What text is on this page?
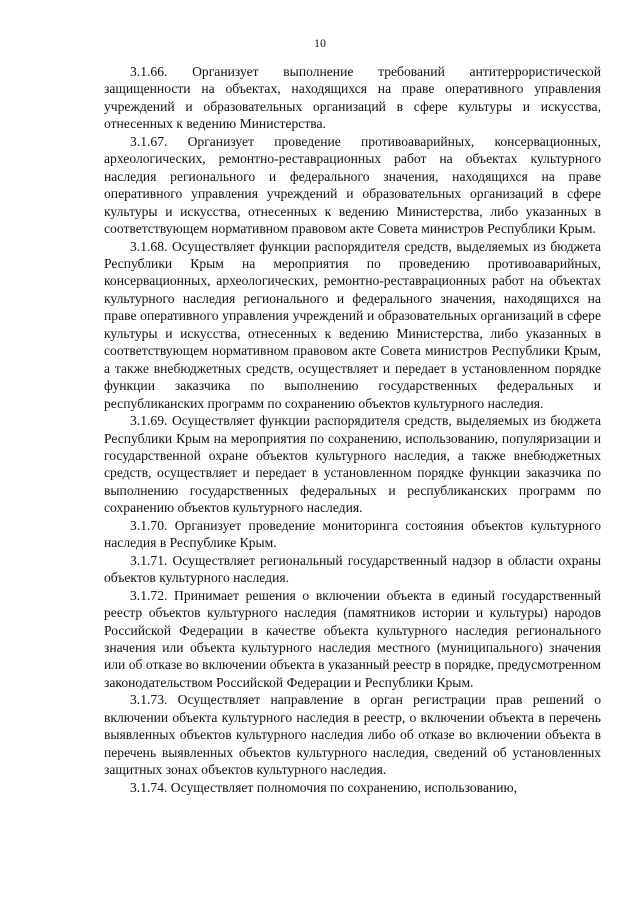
10

3.1.66. Организует выполнение требований антитеррористической защищенности на объектах, находящихся на праве оперативного управления учреждений и образовательных организаций в сфере культуры и искусства, отнесенных к ведению Министерства.

3.1.67. Организует проведение противоаварийных, консервационных, археологических, ремонтно-реставрационных работ на объектах культурного наследия регионального и федерального значения, находящихся на праве оперативного управления учреждений и образовательных организаций в сфере культуры и искусства, отнесенных к ведению Министерства, либо указанных в соответствующем нормативном правовом акте Совета министров Республики Крым.

3.1.68. Осуществляет функции распорядителя средств, выделяемых из бюджета Республики Крым на мероприятия по проведению противоаварийных, консервационных, археологических, ремонтно-реставрационных работ на объектах культурного наследия регионального и федерального значения, находящихся на праве оперативного управления учреждений и образовательных организаций в сфере культуры и искусства, отнесенных к ведению Министерства, либо указанных в соответствующем нормативном правовом акте Совета министров Республики Крым, а также внебюджетных средств, осуществляет и передает в установленном порядке функции заказчика по выполнению государственных федеральных и республиканских программ по сохранению объектов культурного наследия.

3.1.69. Осуществляет функции распорядителя средств, выделяемых из бюджета Республики Крым на мероприятия по сохранению, использованию, популяризации и государственной охране объектов культурного наследия, а также внебюджетных средств, осуществляет и передает в установленном порядке функции заказчика по выполнению государственных федеральных и республиканских программ по сохранению объектов культурного наследия.

3.1.70. Организует проведение мониторинга состояния объектов культурного наследия в Республике Крым.

3.1.71. Осуществляет региональный государственный надзор в области охраны объектов культурного наследия.

3.1.72. Принимает решения о включении объекта в единый государственный реестр объектов культурного наследия (памятников истории и культуры) народов Российской Федерации в качестве объекта культурного наследия регионального значения или объекта культурного наследия местного (муниципального) значения или об отказе во включении объекта в указанный реестр в порядке, предусмотренном законодательством Российской Федерации и Республики Крым.

3.1.73. Осуществляет направление в орган регистрации прав решений о включении объекта культурного наследия в реестр, о включении объекта в перечень выявленных объектов культурного наследия либо об отказе во включении объекта в перечень выявленных объектов культурного наследия, сведений об установленных защитных зонах объектов культурного наследия.

3.1.74. Осуществляет полномочия по сохранению, использованию,
